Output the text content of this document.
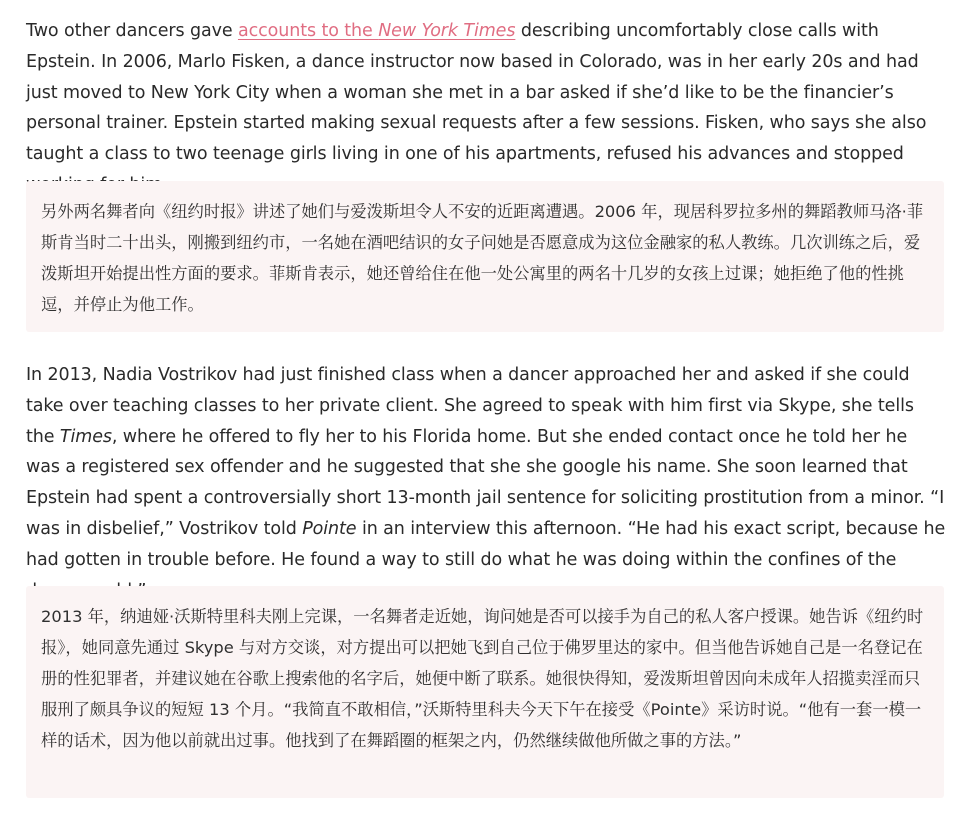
Two other dancers gave accounts to the New York Times describing uncomfortably close calls with Epstein. In 2006, Marlo Fisken, a dance instructor now based in Colorado, was in her early 20s and had just moved to New York City when a woman she met in a bar asked if she’d like to be the financier’s personal trainer. Epstein started making sexual requests after a few sessions. Fisken, who says she also taught a class to two teenage girls living in one of his apartments, refused his advances and stopped

另外两名舞者向《纽约时报》讲述了她们与爱泼斯坦令人不安的近距离遭遇。2006 年，现居科罗拉多州的舞蹈教师马洛·菲斯肯当时二十出头，刚搬到纽约市，一名她在酒吧结识的女子问她是否愿意成为这位金融家的私人教练。几次训练之后，爱泼斯坦开始提出性方面的要求。菲斯肯表示，她还曾给住在他一处公寓里的两名十几岁的女孩上过课；她拒绝了他的性挑逗，并停止为他工作。

In 2013, Nadia Vostrikov had just finished class when a dancer approached her and asked if she could take over teaching classes to her private client. She agreed to speak with him first via Skype, she tells the Times, where he offered to fly her to his Florida home. But she ended contact once he told her he was a registered sex offender and he suggested that she she google his name. She soon learned that Epstein had spent a controversially short 13-month jail sentence for soliciting prostitution from a minor. “I was in disbelief,” Vostrikov told Pointe in an interview this afternoon. “He had his exact script, because he had gotten in trouble before. He found a way to still do what he was doing within the confines of the

2013 年，纳迪娅·沃斯特里科夫刚上完课，一名舞者走近她，询问她是否可以接手为自己的私人客户授课。她告诉《纽约时报》，她同意先通过 Skype 与对方交谈，对方提出可以把她飞到自己位于佛罗里达的家中。但当他告诉她自己是一名登记在册的性犯罪者，并建议她在谷歌上搜索他的名字后，她便中断了联系。她很快得知，爱泼斯坦曾因向未成年人招揽卖淫而只服刑了颇具争议的短短 13 个月。“我简直不敢相信，”沃斯特里科夫今天下午在接受《Pointe》采访时说。“他有一套一模一样的话术，因为他以前就出过事。他找到了在舞蹈圈的框架之内，仍然继续做他所做之事的方法。”
